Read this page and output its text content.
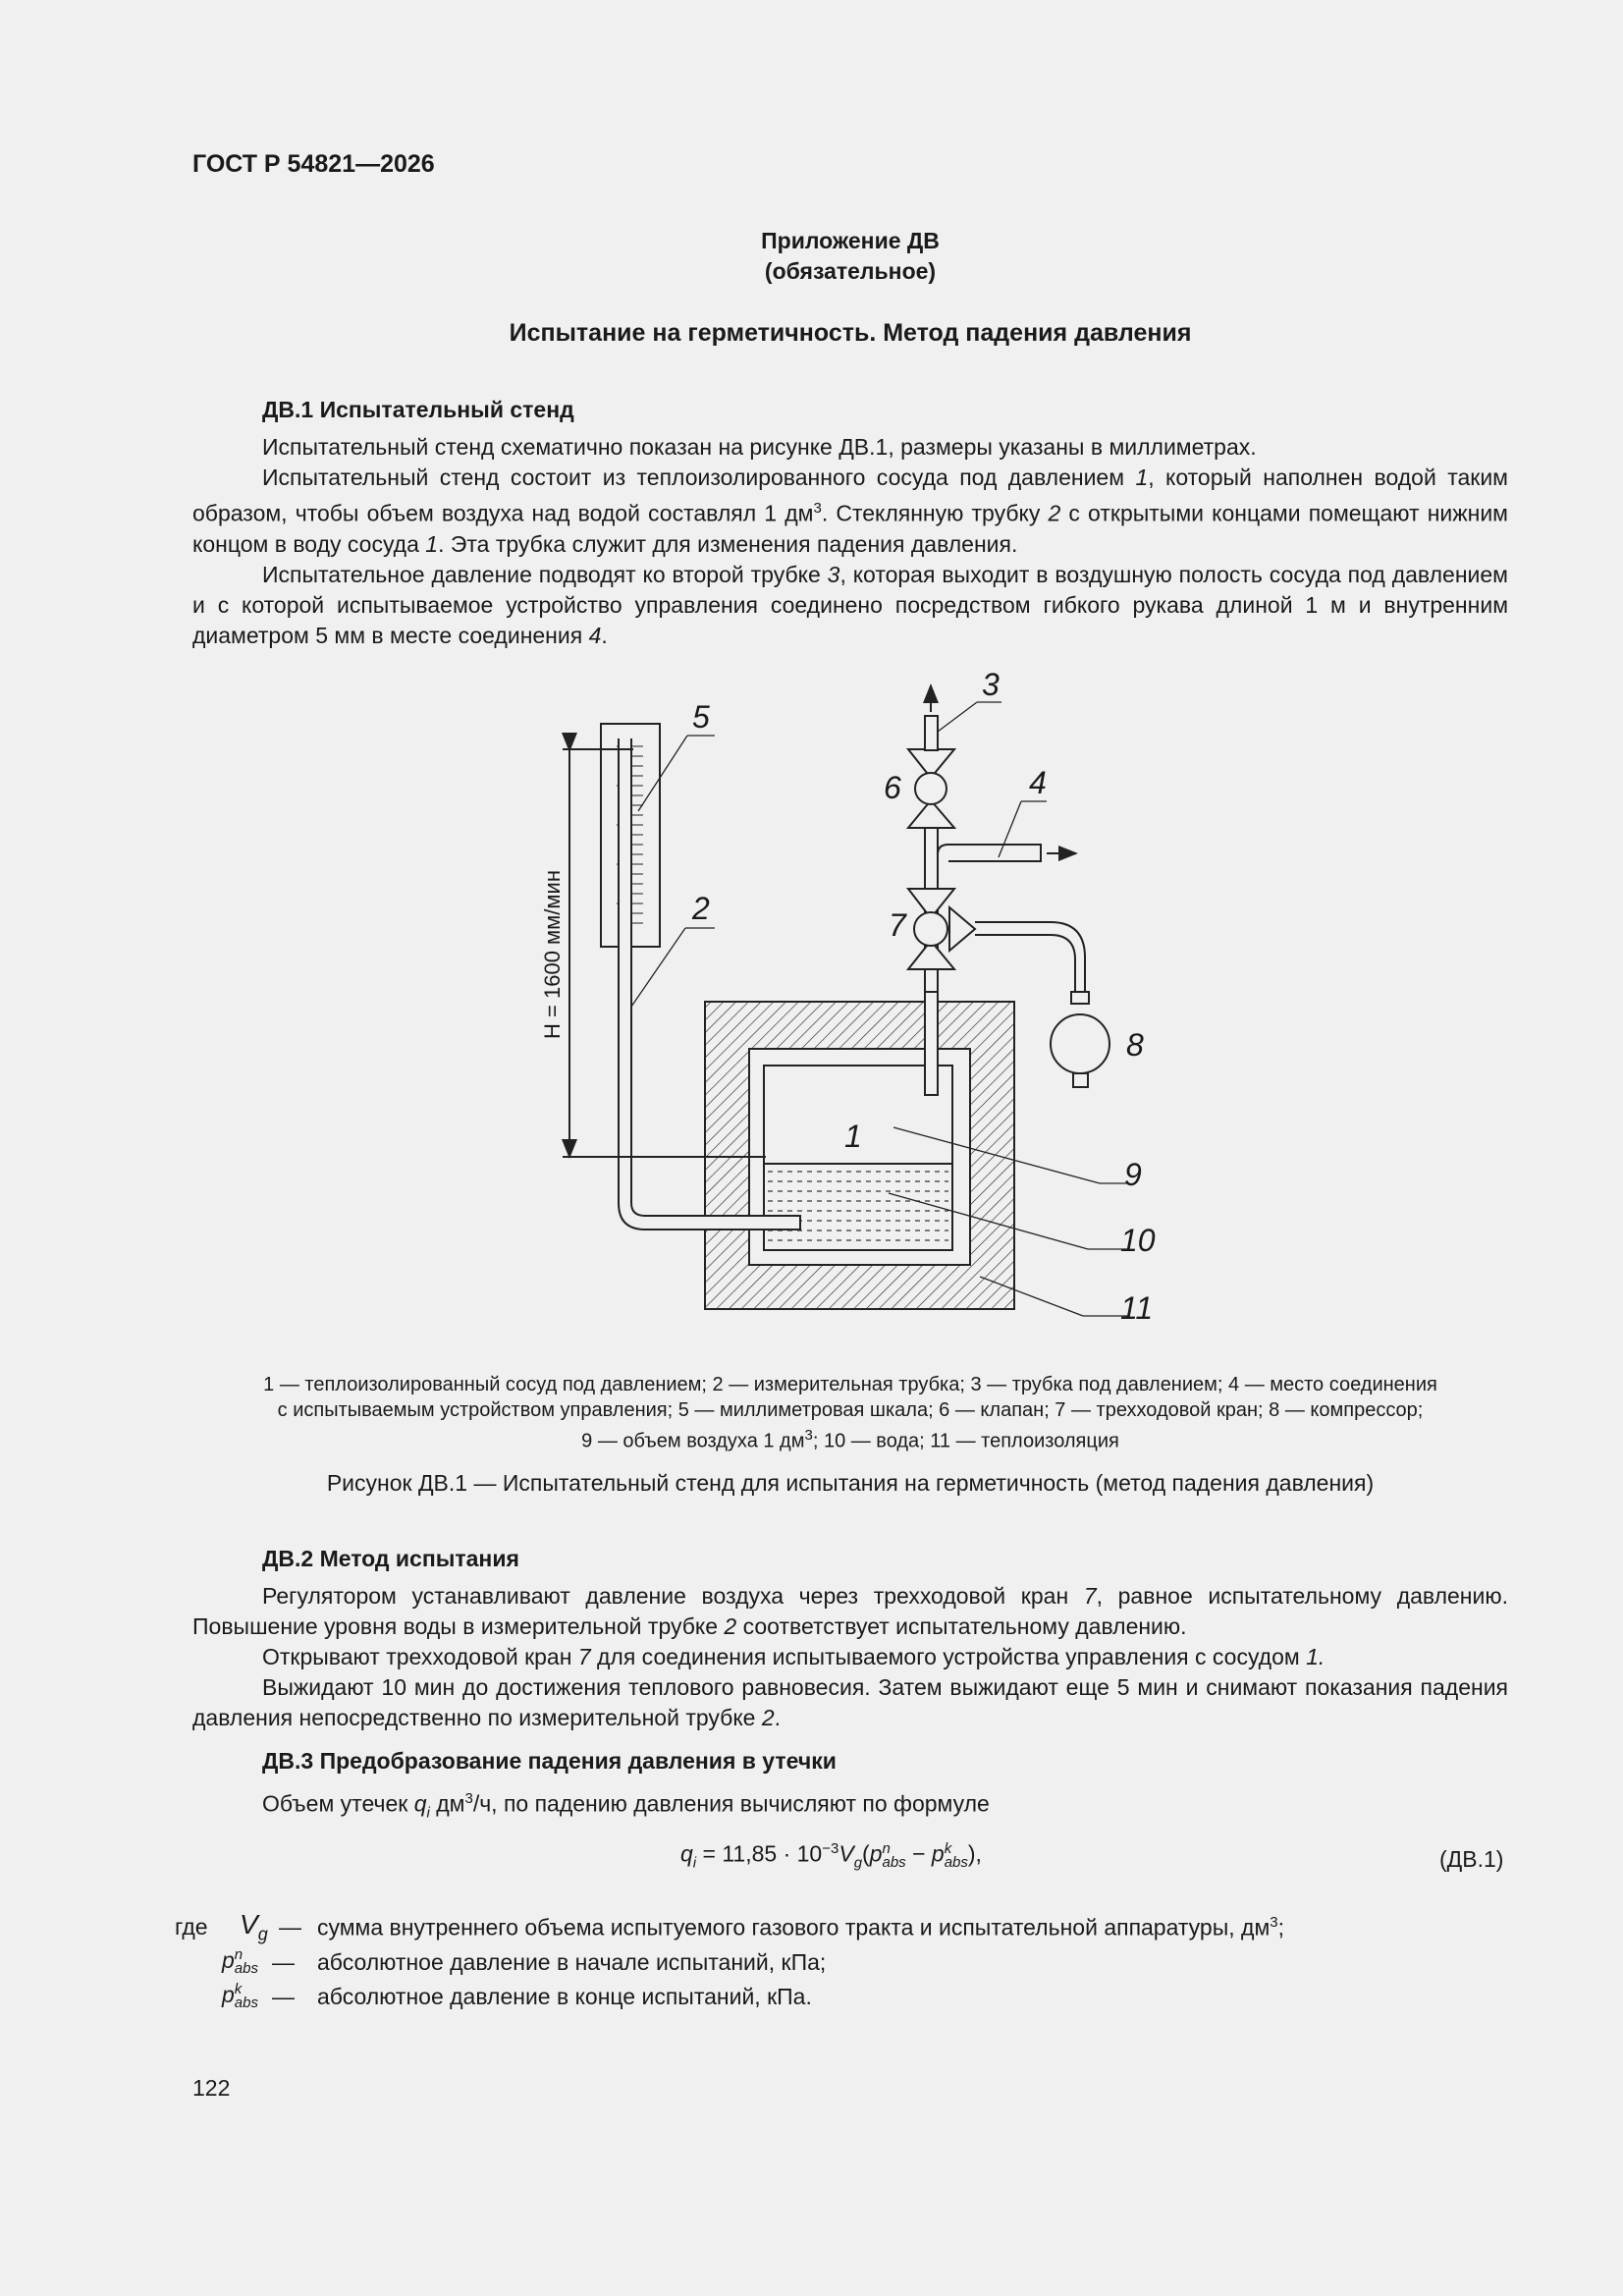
ГОСТ Р 54821—2026
Приложение ДВ
(обязательное)
Испытание на герметичность. Метод падения давления
ДВ.1 Испытательный стенд

Испытательный стенд схематично показан на рисунке ДВ.1, размеры указаны в миллиметрах.

Испытательный стенд состоит из теплоизолированного сосуда под давлением 1, который наполнен водой таким образом, чтобы объем воздуха над водой составлял 1 $дм^3$. Стеклянную трубку 2 с открытыми концами помещают нижним концом в воду сосуда 1. Эта трубка служит для изменения падения давления.

Испытательное давление подводят ко второй трубке 3, которая выходит в воздушную полость сосуда под давлением и с которой испытываемое устройство управления соединено посредством гибкого рукава длиной 1 м и внутренним диаметром 5 мм в месте соединения 4.

1
2
3
4
5
6
7
8
9
10
11
H = 1600 мм/мин
1 — теплоизолированный сосуд под давлением; 2 — измерительная трубка; 3 — трубка под давлением; 4 — место соединения
с испытываемым устройством управления; 5 — миллиметровая шкала; 6 — клапан; 7 — трехходовой кран; 8 — компрессор;
9 — объем воздуха 1 $дм^3$; 10 — вода; 11 — теплоизоляция
Рисунок ДВ.1 — Испытательный стенд для испытания на герметичность (метод падения давления)
ДВ.2 Метод испытания

Регулятором устанавливают давление воздуха через трехходовой кран 7, равное испытательному давлению. Повышение уровня воды в измерительной трубке 2 соответствует испытательному давлению.

Открывают трехходовой кран 7 для соединения испытываемого устройства управления с сосудом 1.

Выжидают 10 мин до достижения теплового равновесия. Затем выжидают еще 5 мин и снимают показания падения давления непосредственно по измерительной трубке 2.

ДВ.3 Предобразование падения давления в утечки

Объем утечек $q_i$ $дм^3/ч$, по падению давления вычисляют по формуле

$q_i = 11,85 \cdot 10^{-3}V_g(p$ n
abs − p k
abs ),	(ДВ.1)
где $V_g$ — сумма внутреннего объема испытуемого газового тракта и испытательной аппаратуры, $дм^3$;
p n
abs — абсолютное давление в начале испытаний, кПа;
p k
abs — абсолютное давление в конце испытаний, кПа.
122
